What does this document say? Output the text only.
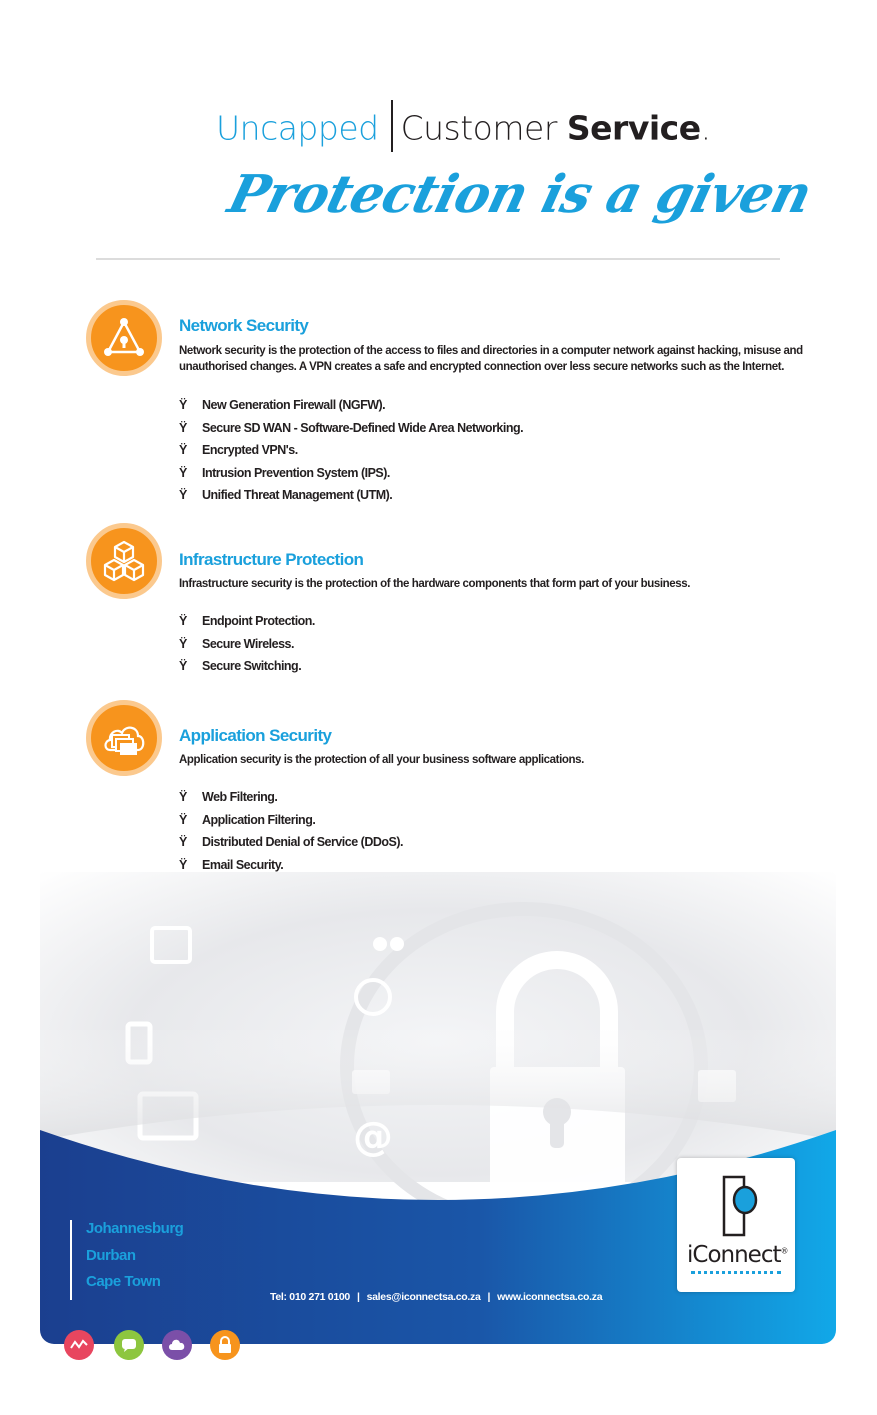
Uncapped Customer Service.
Protection is a given
Network Security
Network security is the protection of the access to files and directories in a computer network against hacking, misuse and unauthorised changes. A VPN creates a safe and encrypted connection over less secure networks such as the Internet.
Ÿ New Generation Firewall (NGFW).
Ÿ Secure SD WAN - Software-Defined Wide Area Networking.
Ÿ Encrypted VPN's.
Ÿ Intrusion Prevention System (IPS).
Ÿ Unified Threat Management (UTM).
Infrastructure Protection
Infrastructure security is the protection of the hardware components that form part of your business.
Ÿ Endpoint Protection.
Ÿ Secure Wireless.
Ÿ Secure Switching.
Application Security
Application security is the protection of all your business software applications.
Ÿ Web Filtering.
Ÿ Application Filtering.
Ÿ Distributed Denial of Service (DDoS).
Ÿ Email Security.
@
Johannesburg
Durban
Cape Town
Tel: 010 271 0100 | sales@iconnectsa.co.za | www.iconnectsa.co.za
iConnect®
